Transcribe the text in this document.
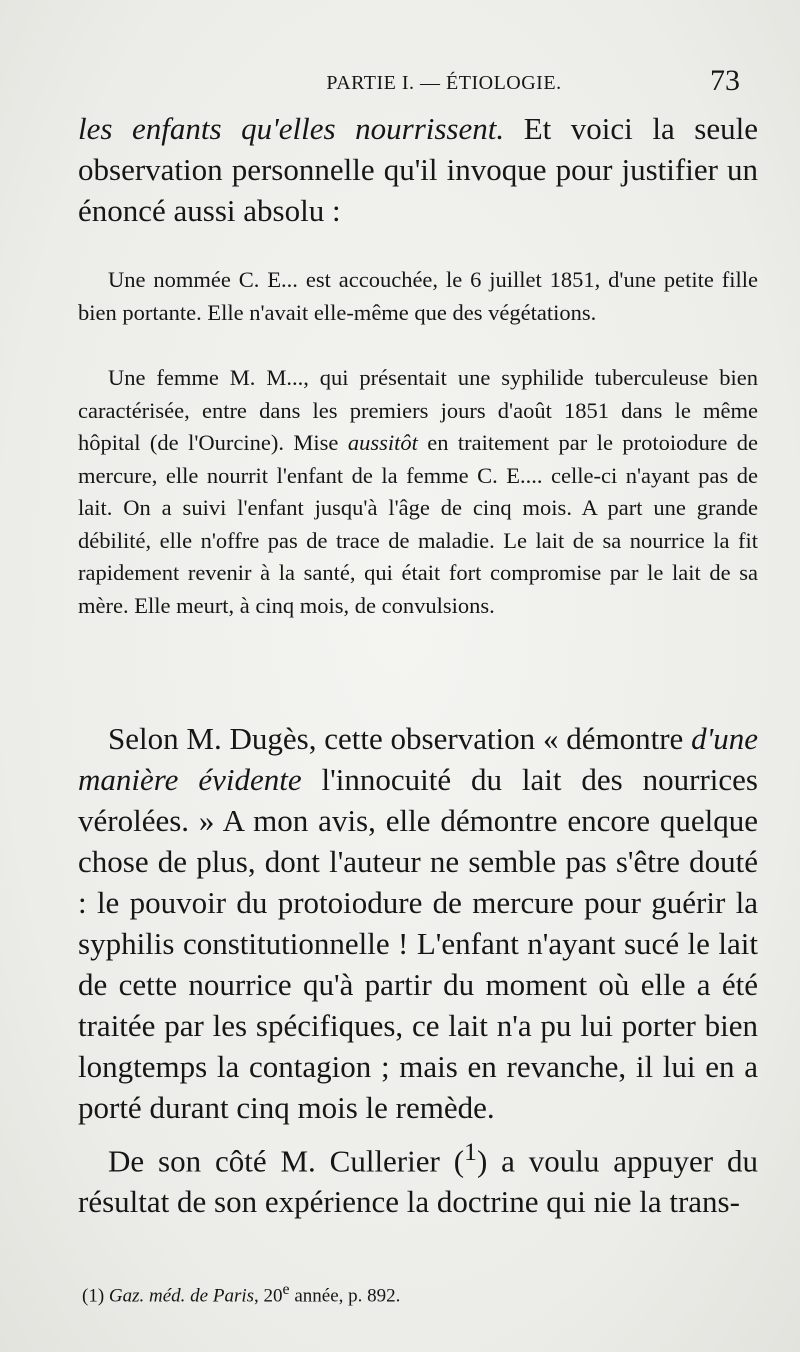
PARTIE I. — ÉTIOLOGIE.	73

les enfants qu'elles nourrissent. Et voici la seule observation personnelle qu'il invoque pour justifier un énoncé aussi absolu :

Une nommée C. E... est accouchée, le 6 juillet 1851, d'une petite fille bien portante. Elle n'avait elle-même que des végétations.

Une femme M. M..., qui présentait une syphilide tuberculeuse bien caractérisée, entre dans les premiers jours d'août 1851 dans le même hôpital (de l'Ourcine). Mise aussitôt en traitement par le protoiodure de mercure, elle nourrit l'enfant de la femme C. E.... celle-ci n'ayant pas de lait. On a suivi l'enfant jusqu'à l'âge de cinq mois. A part une grande débilité, elle n'offre pas de trace de maladie. Le lait de sa nourrice la fit rapidement revenir à la santé, qui était fort compromise par le lait de sa mère. Elle meurt, à cinq mois, de convulsions.

Selon M. Dugès, cette observation « démontre d'une manière évidente l'innocuité du lait des nourrices vérolées. » A mon avis, elle démontre encore quelque chose de plus, dont l'auteur ne semble pas s'être douté : le pouvoir du protoiodure de mercure pour guérir la syphilis constitutionnelle ! L'enfant n'ayant sucé le lait de cette nourrice qu'à partir du moment où elle a été traitée par les spécifiques, ce lait n'a pu lui porter bien longtemps la contagion ; mais en revanche, il lui en a porté durant cinq mois le remède.

De son côté M. Cullerier ($^1$) a voulu appuyer du résultat de son expérience la doctrine qui nie la trans-

(1) Gaz. méd. de Paris, 20e année, p. 892.
